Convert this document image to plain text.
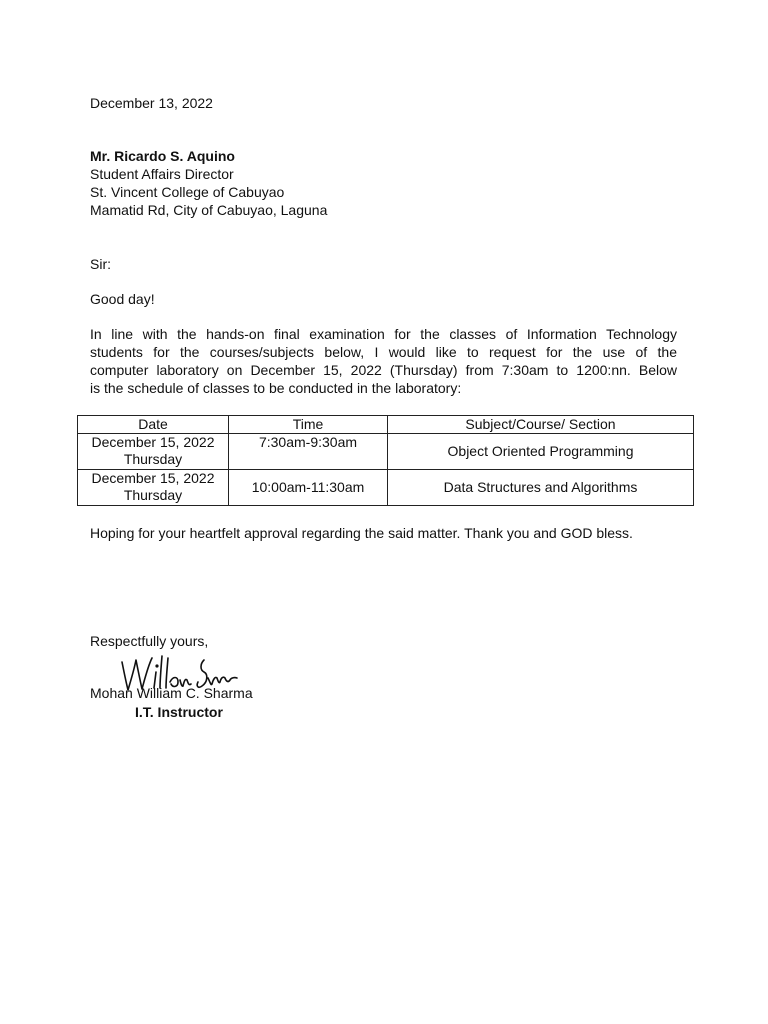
December 13, 2022
Mr. Ricardo S. Aquino
Student Affairs Director
St. Vincent College of Cabuyao
Mamatid Rd, City of Cabuyao, Laguna
Sir:
Good day!
In line with the hands-on final examination for the classes of Information Technology
students for the courses/subjects below, I would like to request for the use of the
computer laboratory on December 15, 2022 (Thursday) from 7:30am to 1200:nn. Below
is the schedule of classes to be conducted in the laboratory:
Date	Time	Subject/Course/ Section

December 15, 2022
Thursday	7:30am-9:30am	Object Oriented Programming

December 15, 2022
Thursday	10:00am-11:30am	Data Structures and Algorithms
Hoping for your heartfelt approval regarding the said matter. Thank you and GOD bless.
Respectfully yours,
Mohan William C. Sharma
I.T. Instructor
